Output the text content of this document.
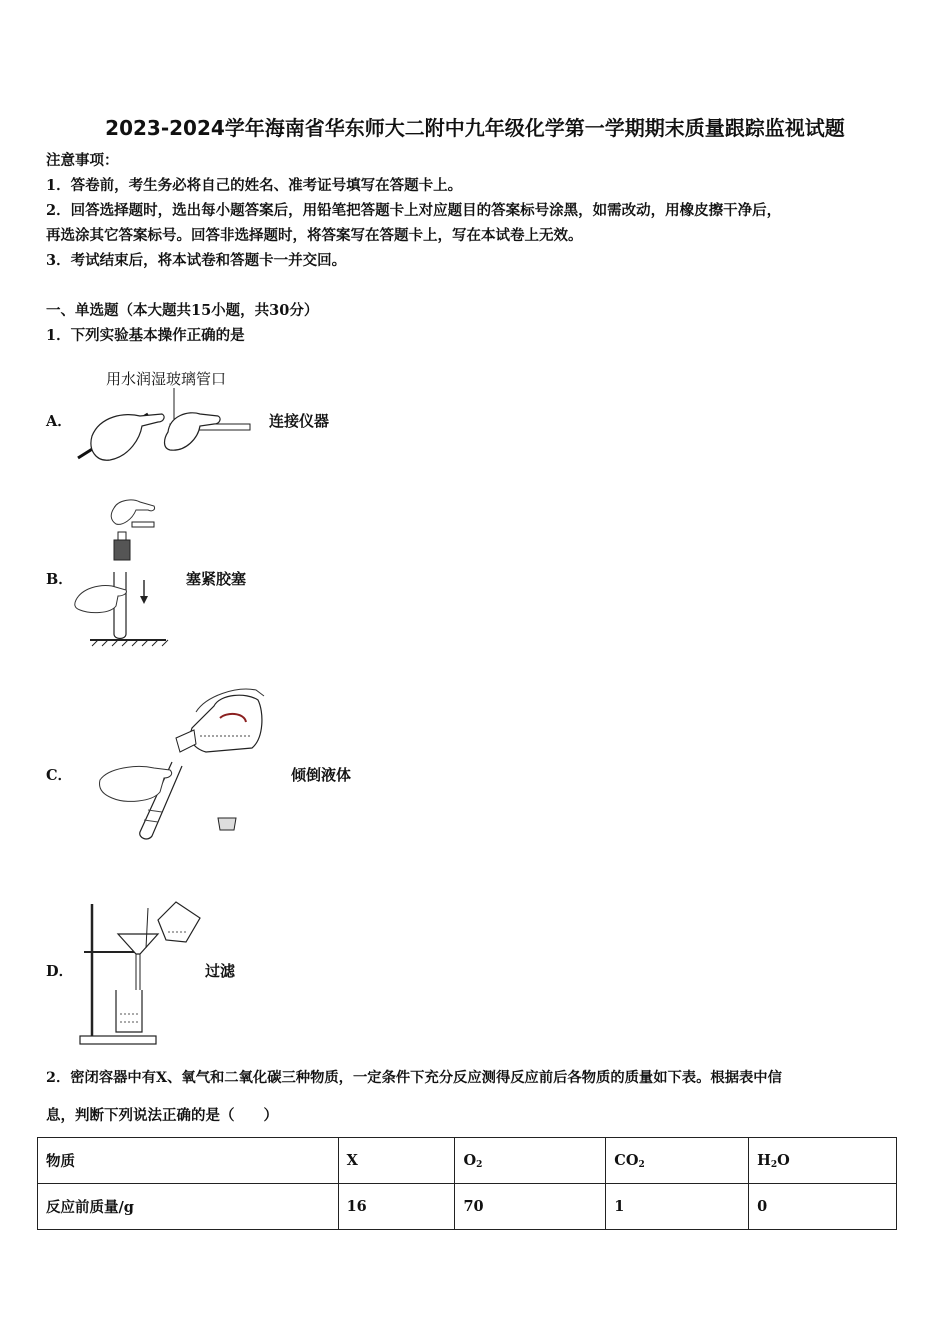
2023-2024学年海南省华东师大二附中九年级化学第一学期期末质量跟踪监视试题
注意事项：
1．答卷前，考生务必将自己的姓名、准考证号填写在答题卡上。
2．回答选择题时，选出每小题答案后，用铅笔把答题卡上对应题目的答案标号涂黑，如需改动，用橡皮擦干净后，
再选涂其它答案标号。回答非选择题时，将答案写在答题卡上，写在本试卷上无效。
3．考试结束后，将本试卷和答题卡一并交回。
一、单选题（本大题共15小题，共30分）
1．下列实验基本操作正确的是
A．
用水润湿玻璃管口
连接仪器
B．	塞紧胶塞
C．	倾倒液体
D．	过滤
2．密闭容器中有X、氧气和二氧化碳三种物质，一定条件下充分反应测得反应前后各物质的质量如下表。根据表中信
息，判断下列说法正确的是（　　）
物质	X	$O_2$	$CO_2$	$H_2O$
反应前质量/g	16	70	1	0
